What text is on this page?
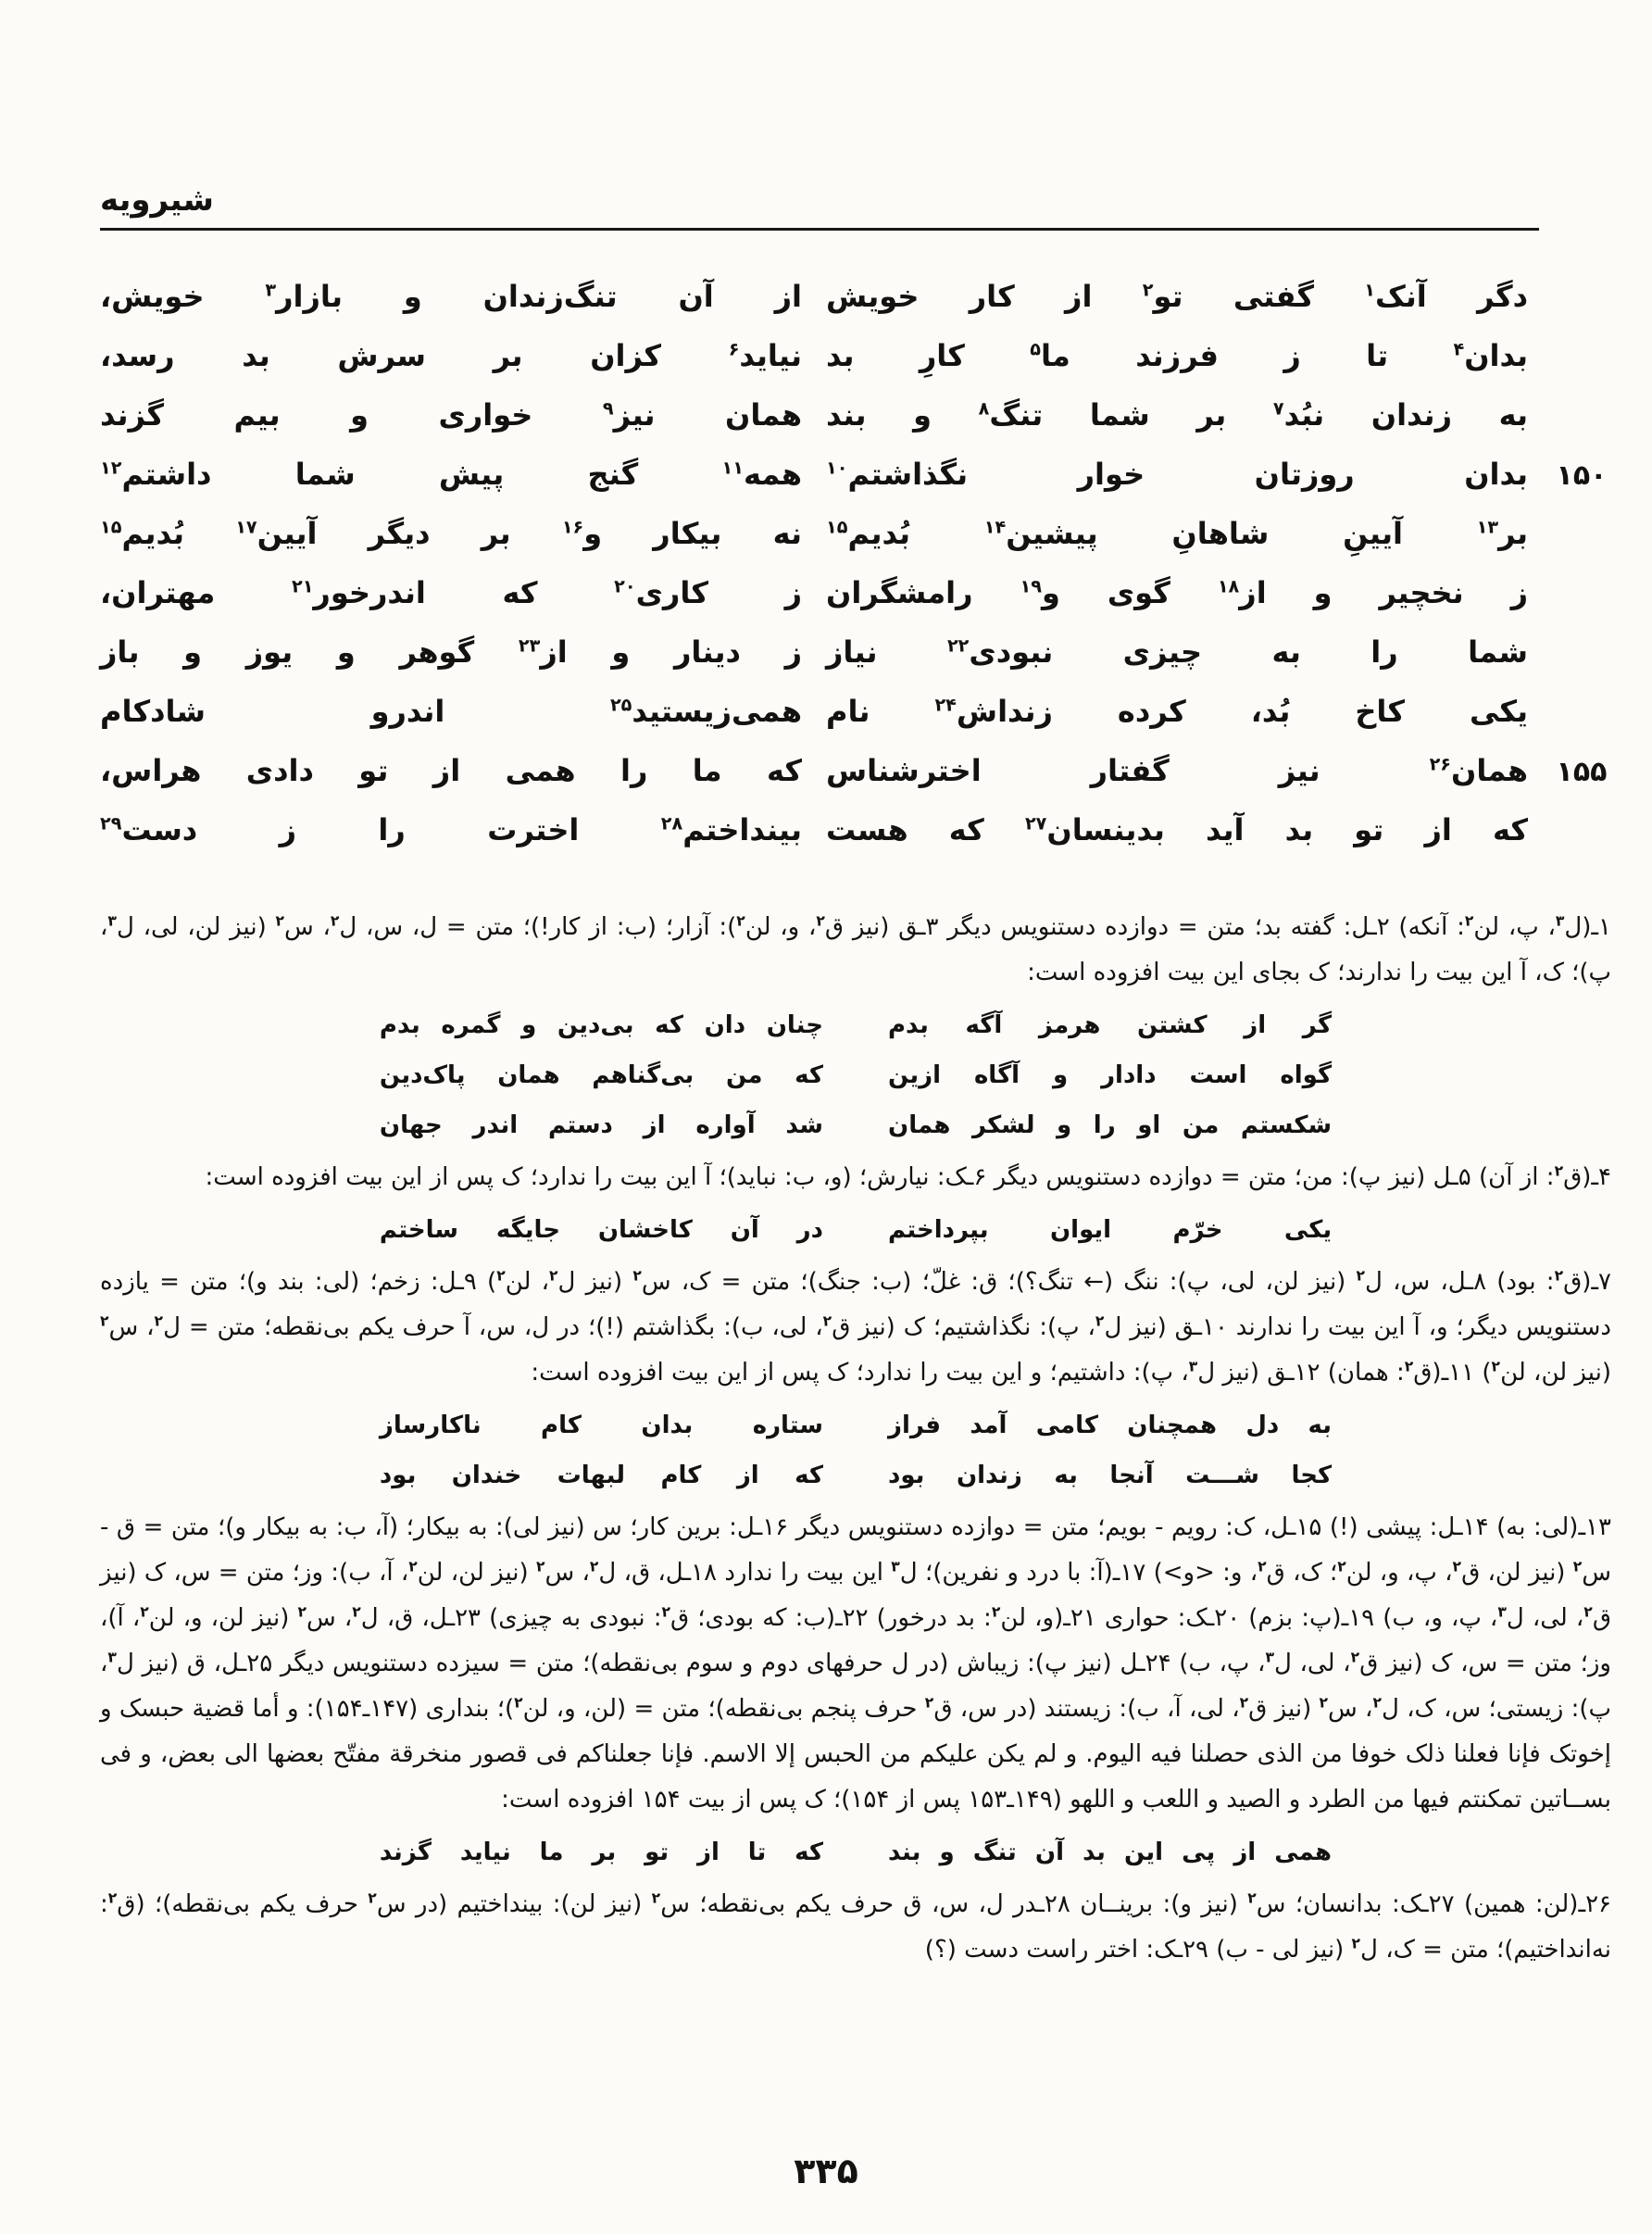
شیرویه
دگر آنک$^۱$ گفتی تو$^۲$ از کار خویش
از آن تنگ‌زندان و بازار$^۳$ خویش،
بدان$^۴$ تا ز فرزند ما$^۵$ کارِ بد
نیاید$^۶$ کزان بر سرش بد رسد،
به زندان نبُد$^۷$ بر شما تنگ$^۸$ و بند
همان نیز$^۹$ خواری و بیم گزند
۱۵۰
بدان روزتان خوار نگذاشتم$^{۱۰}$
همه$^{۱۱}$ گنج پیش شما داشتم$^{۱۲}$
بر$^{۱۳}$ آیینِ شاهانِ پیشین$^{۱۴}$ بُدیم$^{۱۵}$
نه بیکار و$^{۱۶}$ بر دیگر آیین$^{۱۷}$ بُدیم$^{۱۵}$
ز نخچیر و از$^{۱۸}$ گوی و$^{۱۹}$ رامشگران
ز کاری$^{۲۰}$ که اندرخور$^{۲۱}$ مهتران،
شما را به چیزی نبودی$^{۲۲}$ نیاز
ز دینار و از$^{۲۳}$ گوهر و یوز و باز
یکی کاخ بُد، کرده زنداش$^{۲۴}$ نام
همی‌زیستید$^{۲۵}$ اندرو شادکام
۱۵۵
همان$^{۲۶}$ نیز گفتار اخترشناس
که ما را همی از تو دادی هراس،
که از تو بد آید بدینسان$^{۲۷}$ که هست
بینداختم$^{۲۸}$ اخترت را ز دست$^{۲۹}$

۱ـ(ل$^۳$، پ، لن$^۲$: آنکه) ۲ـل: گفته بد؛ متن = دوازده دستنویس دیگر ۳ـق (نیز ق$^۲$، و، لن$^۲$): آزار؛ (ب: از کار!)؛ متن = ل، س، ل$^۲$، س$^۲$ (نیز لن، لی، ل$^۳$، پ)؛ ک، آ این بیت را ندارند؛ ک بجای این بیت افزوده است:

گر از کشتن هرمز آگه بدم
چنان دان که بی‌دین و گمره بدم
گواه است دادار و آگاه ازین
که من بی‌گناهم همان پاک‌دین
شکستم من او را و لشکر همان
شد آواره از دستم اندر جهان

۴ـ(ق$^۲$: از آن) ۵ـل (نیز پ): من؛ متن = دوازده دستنویس دیگر ۶ـک: نیارش؛ (و، ب: نباید)؛ آ این بیت را ندارد؛ ک پس از این بیت افزوده است:

یکی خرّم ایوان بپرداختم
در آن کاخشان جایگه ساختم

۷ـ(ق$^۲$: بود) ۸ـل، س، ل$^۲$ (نیز لن، لی، پ): ننگ (← تنگ؟)؛ ق: غلّ؛ (ب: جنگ)؛ متن = ک، س$^۲$ (نیز ل$^۲$، لن$^۲$) ۹ـل: زخم؛ (لی: بند و)؛ متن = یازده دستنویس دیگر؛ و، آ این بیت را ندارند ۱۰ـق (نیز ل$^۲$، پ): نگذاشتیم؛ ک (نیز ق$^۲$، لی، ب): بگذاشتم (!)؛ در ل، س، آ حرف یکم بی‌نقطه؛ متن = ل$^۲$، س$^۲$ (نیز لن، لن$^۲$) ۱۱ـ(ق$^۲$: همان) ۱۲ـق (نیز ل$^۳$، پ): داشتیم؛ و این بیت را ندارد؛ ک پس از این بیت افزوده است:

به دل همچنان کامی آمد فراز
ستاره بدان کام ناکارساز
کجا شـــت آنجا به زندان بود
که از کام لبهات خندان بود

۱۳ـ(لی: به) ۱۴ـل: پیشی (!) ۱۵ـل، ک: رویم - بویم؛ متن = دوازده دستنویس دیگر ۱۶ـل: برین کار؛ س (نیز لی): به بیکار؛ (آ، ب: به بیکار و)؛ متن = ق - س$^۲$ (نیز لن، ق$^۲$، پ، و، لن$^۲$؛ ک، ق$^۲$، و: <و>) ۱۷ـ(آ: با درد و نفرین)؛ ل$^۳$ این بیت را ندارد ۱۸ـل، ق، ل$^۲$، س$^۲$ (نیز لن، لن$^۲$، آ، ب): وز؛ متن = س، ک (نیز ق$^۲$، لی، ل$^۳$، پ، و، ب) ۱۹ـ(پ: بزم) ۲۰ـک: حواری ۲۱ـ(و، لن$^۲$: بد درخور) ۲۲ـ(ب: که بودی؛ ق$^۲$: نبودی به چیزی) ۲۳ـل، ق، ل$^۲$، س$^۲$ (نیز لن، و، لن$^۲$، آ)، وز؛ متن = س، ک (نیز ق$^۲$، لی، ل$^۳$، پ، ب) ۲۴ـل (نیز پ): زیباش (در ل حرفهای دوم و سوم بی‌نقطه)؛ متن = سیزده دستنویس دیگر ۲۵ـل، ق (نیز ل$^۳$، پ): زیستی؛ س، ک، ل$^۲$، س$^۲$ (نیز ق$^۲$، لی، آ، ب): زیستند (در س، ق$^۲$ حرف پنجم بی‌نقطه)؛ متن = (لن، و، لن$^۲$)؛ بنداری (۱۴۷ـ۱۵۴): و أما قضیة حبسک و إخوتک فإنا فعلنا ذلک خوفا من الذی حصلنا فیه الیوم. و لم یکن علیکم من الحبس إلا الاسم. فإنا جعلناکم فی قصور منخرقة مفتّح بعضها الی بعض، و فی بســاتین تمکنتم فیها من الطرد و الصید و اللعب و اللهو (۱۴۹ـ۱۵۳ پس از ۱۵۴)؛ ک پس از بیت ۱۵۴ افزوده است:

همی از پی این بد آن تنگ و بند
که تا از تو بر ما نیاید گزند

۲۶ـ(لن: همین) ۲۷ـک: بدانسان؛ س$^۲$ (نیز و): برینــان ۲۸ـدر ل، س، ق حرف یکم بی‌نقطه؛ س$^۲$ (نیز لن): بینداختیم (در س$^۲$ حرف یکم بی‌نقطه)؛ (ق$^۲$: نه‌انداختیم)؛ متن = ک، ل$^۲$ (نیز لی - ب) ۲۹ـک: اختر راست دست (؟)

۳۳۵
